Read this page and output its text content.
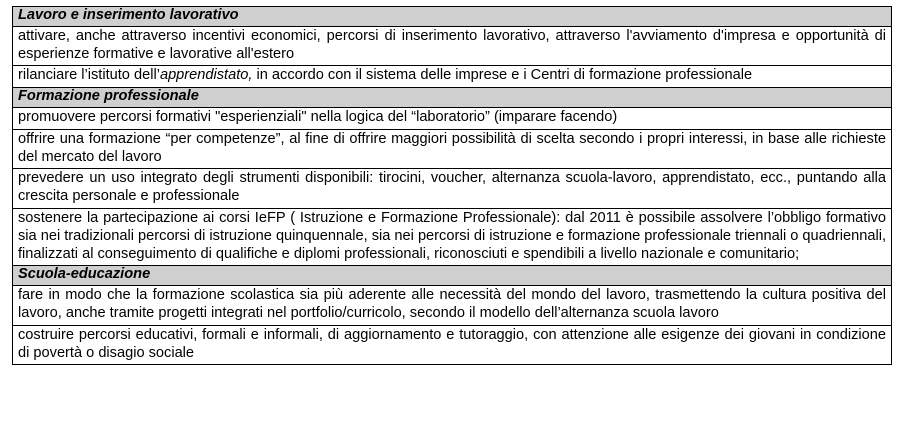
Lavoro e inserimento lavorativo
attivare, anche attraverso incentivi economici, percorsi di inserimento lavorativo, attraverso l'avviamento d'impresa e opportunità di esperienze formative e lavorative all'estero
rilanciare l’istituto dell’apprendistato, in accordo con il sistema delle imprese e i Centri di formazione professionale
Formazione professionale
promuovere percorsi formativi "esperienziali" nella logica del “laboratorio” (imparare facendo)
offrire una formazione “per competenze”, al fine di offrire maggiori possibilità di scelta secondo i propri interessi, in base alle richieste del mercato del lavoro
prevedere un uso integrato degli strumenti disponibili: tirocini, voucher, alternanza scuola‐lavoro, apprendistato, ecc., puntando alla crescita personale e professionale
sostenere la partecipazione ai corsi IeFP ( Istruzione e Formazione Professionale): dal 2011 è possibile assolvere l’obbligo formativo sia nei tradizionali percorsi di istruzione quinquennale, sia nei percorsi di istruzione e formazione professionale triennali o quadriennali, finalizzati al conseguimento di qualifiche e diplomi professionali, riconosciuti e spendibili a livello nazionale e comunitario;
Scuola‐educazione
fare in modo che la formazione scolastica sia più aderente alle necessità del mondo del lavoro, trasmettendo la cultura positiva del lavoro, anche tramite progetti integrati nel portfolio/curricolo, secondo il modello dell’alternanza scuola lavoro
costruire percorsi educativi, formali e informali, di aggiornamento e tutoraggio, con attenzione alle esigenze dei giovani in condizione di povertà o disagio sociale
